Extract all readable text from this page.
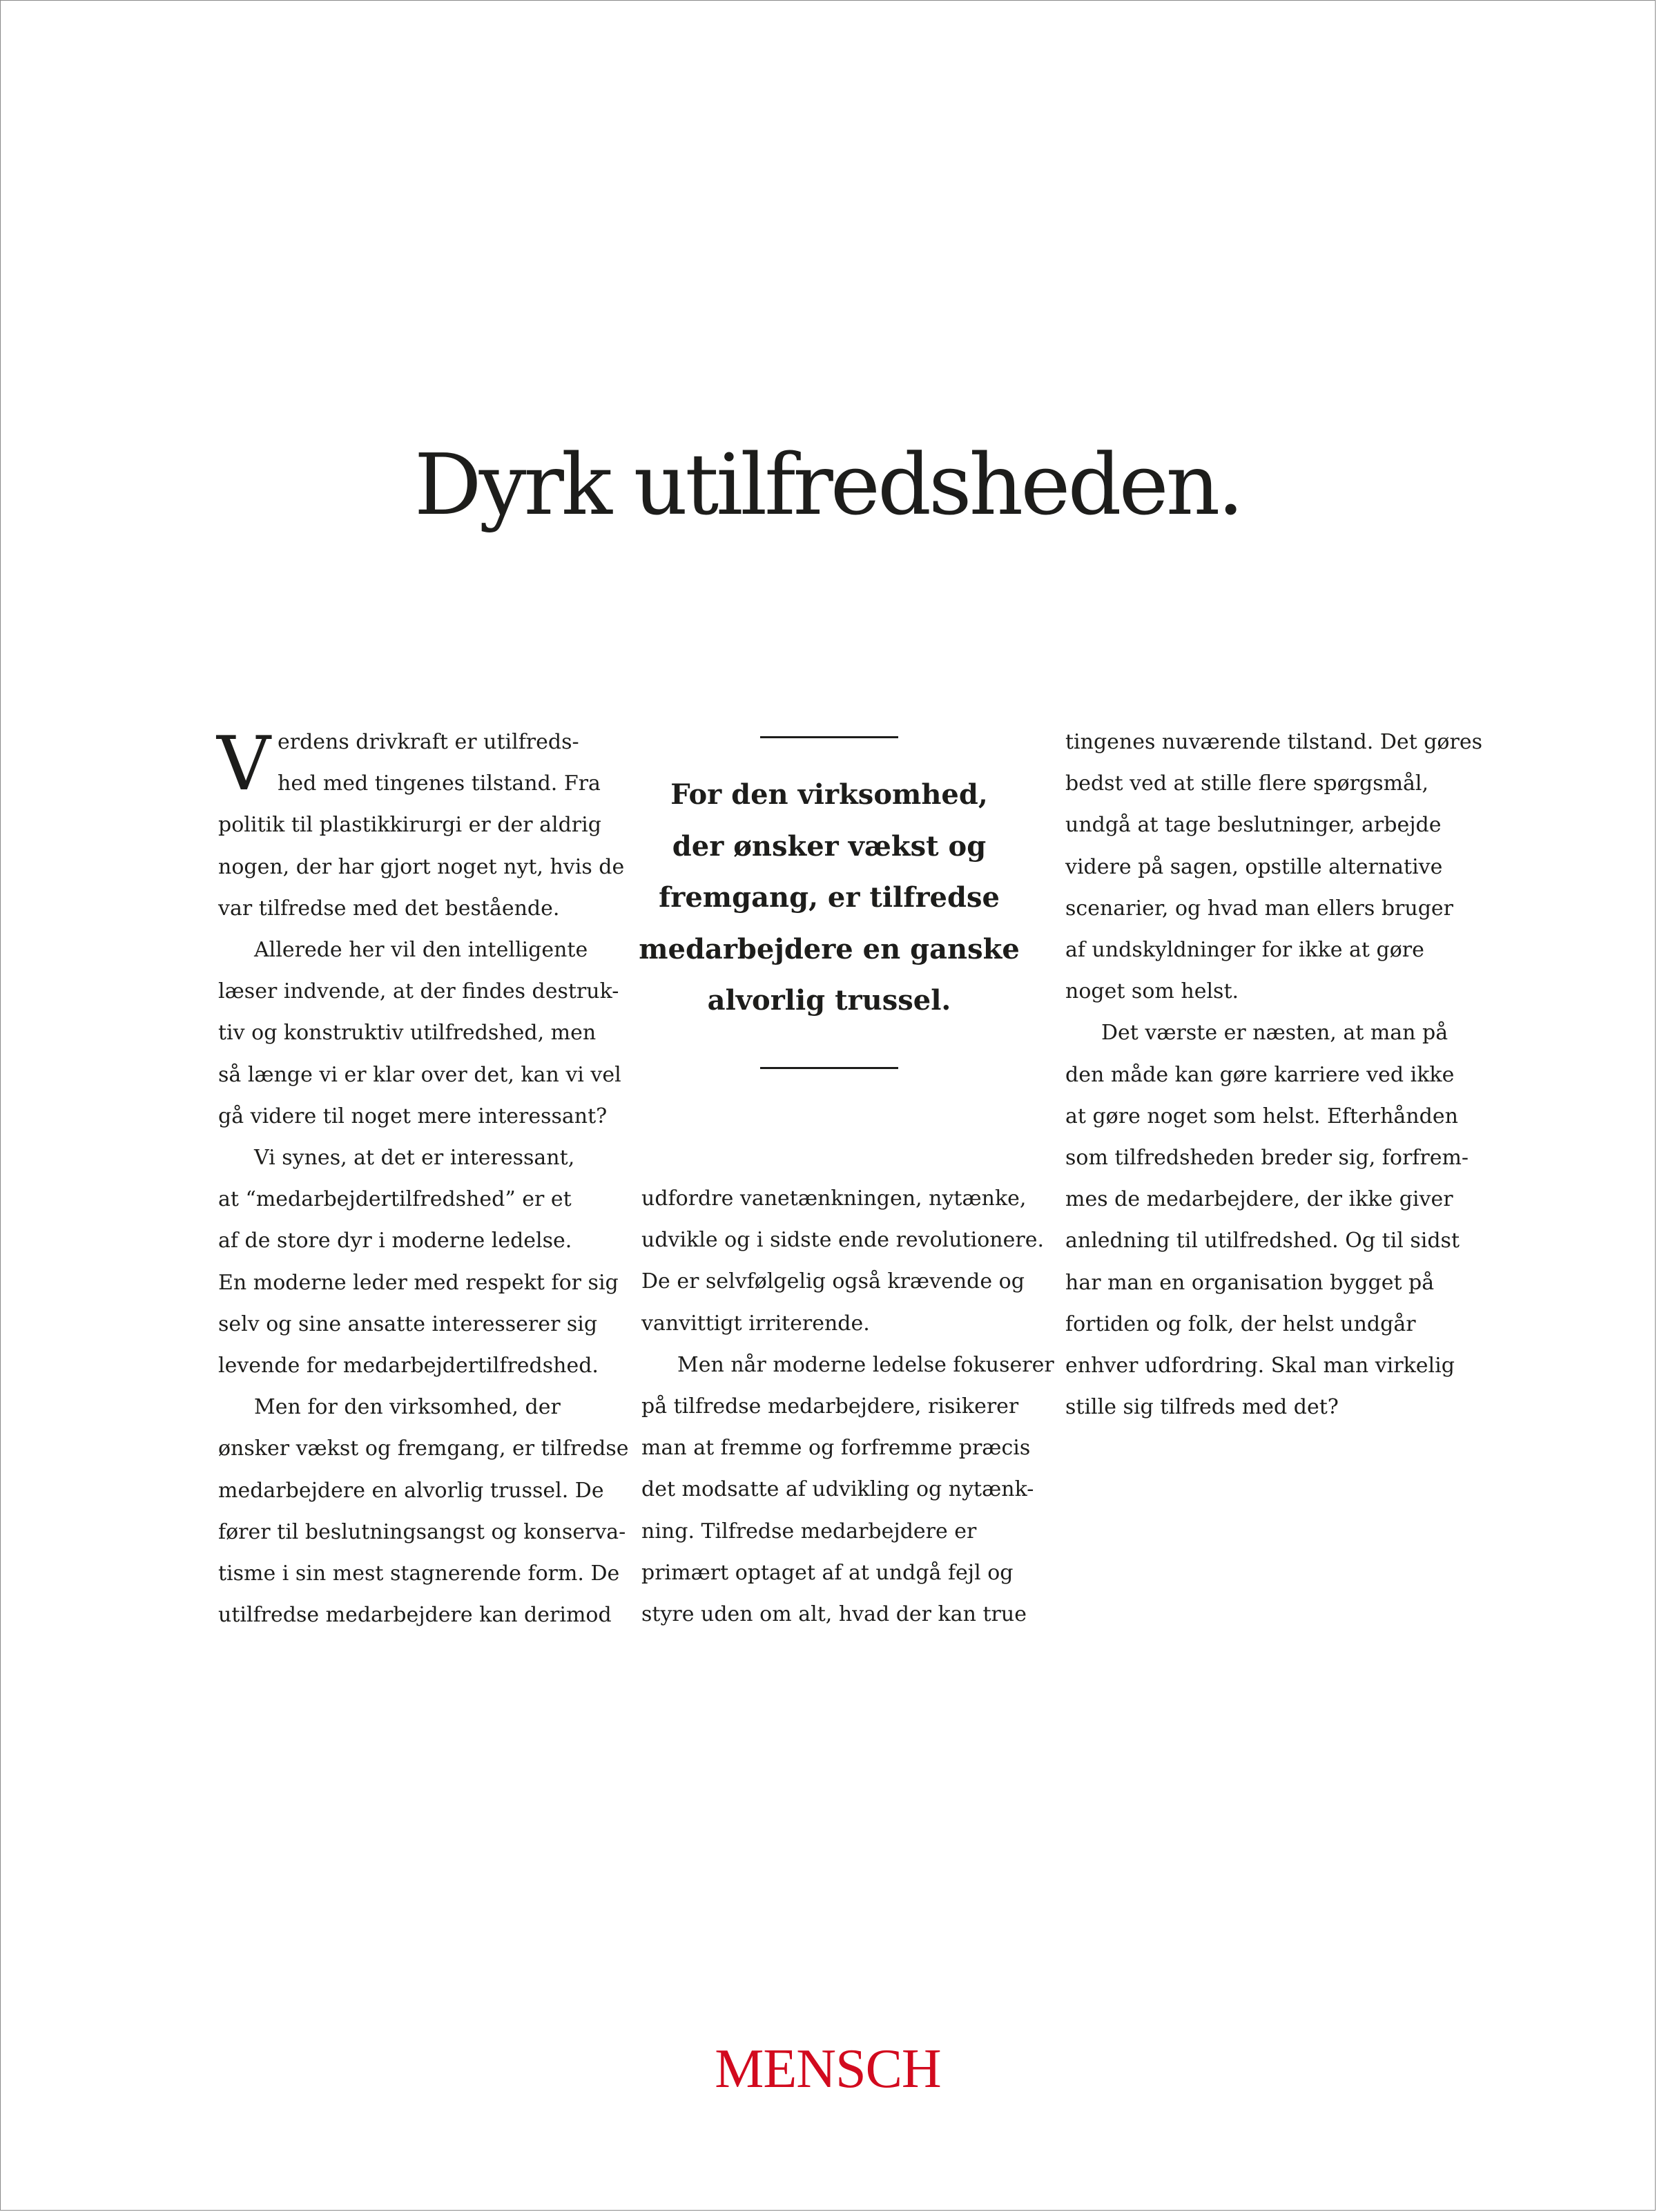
Dyrk utilfredsheden.

V erdens drivkraft er utilfreds-
hed med tingenes tilstand. Fra
politik til plastikkirurgi er der aldrig
nogen, der har gjort noget nyt, hvis de
var tilfredse med det bestående.

Allerede her vil den intelligente
læser indvende, at der findes destruk-
tiv og konstruktiv utilfredshed, men
så længe vi er klar over det, kan vi vel
gå videre til noget mere interessant?

Vi synes, at det er interessant,
at “medarbejdertilfredshed” er et
af de store dyr i moderne ledelse.
En moderne leder med respekt for sig
selv og sine ansatte interesserer sig
levende for medarbejdertilfredshed.

Men for den virksomhed, der
ønsker vækst og fremgang, er tilfredse
medarbejdere en alvorlig trussel. De
fører til beslutningsangst og konserva-
tisme i sin mest stagnerende form. De
utilfredse medarbejdere kan derimod

For den virksomhed,
der ønsker vækst og
fremgang, er tilfredse
medarbejdere en ganske
alvorlig trussel.

udfordre vanetænkningen, nytænke,
udvikle og i sidste ende revolutionere.
De er selvfølgelig også krævende og
vanvittigt irriterende.

Men når moderne ledelse fokuserer
på tilfredse medarbejdere, risikerer
man at fremme og forfremme præcis
det modsatte af udvikling og nytænk-
ning. Tilfredse medarbejdere er
primært optaget af at undgå fejl og
styre uden om alt, hvad der kan true

tingenes nuværende tilstand. Det gøres
bedst ved at stille flere spørgsmål,
undgå at tage beslutninger, arbejde
videre på sagen, opstille alternative
scenarier, og hvad man ellers bruger
af undskyldninger for ikke at gøre
noget som helst.

Det værste er næsten, at man på
den måde kan gøre karriere ved ikke
at gøre noget som helst. Efterhånden
som tilfredsheden breder sig, forfrem-
mes de medarbejdere, der ikke giver
anledning til utilfredshed. Og til sidst
har man en organisation bygget på
fortiden og folk, der helst undgår
enhver udfordring. Skal man virkelig
stille sig tilfreds med det?

MENSCH
